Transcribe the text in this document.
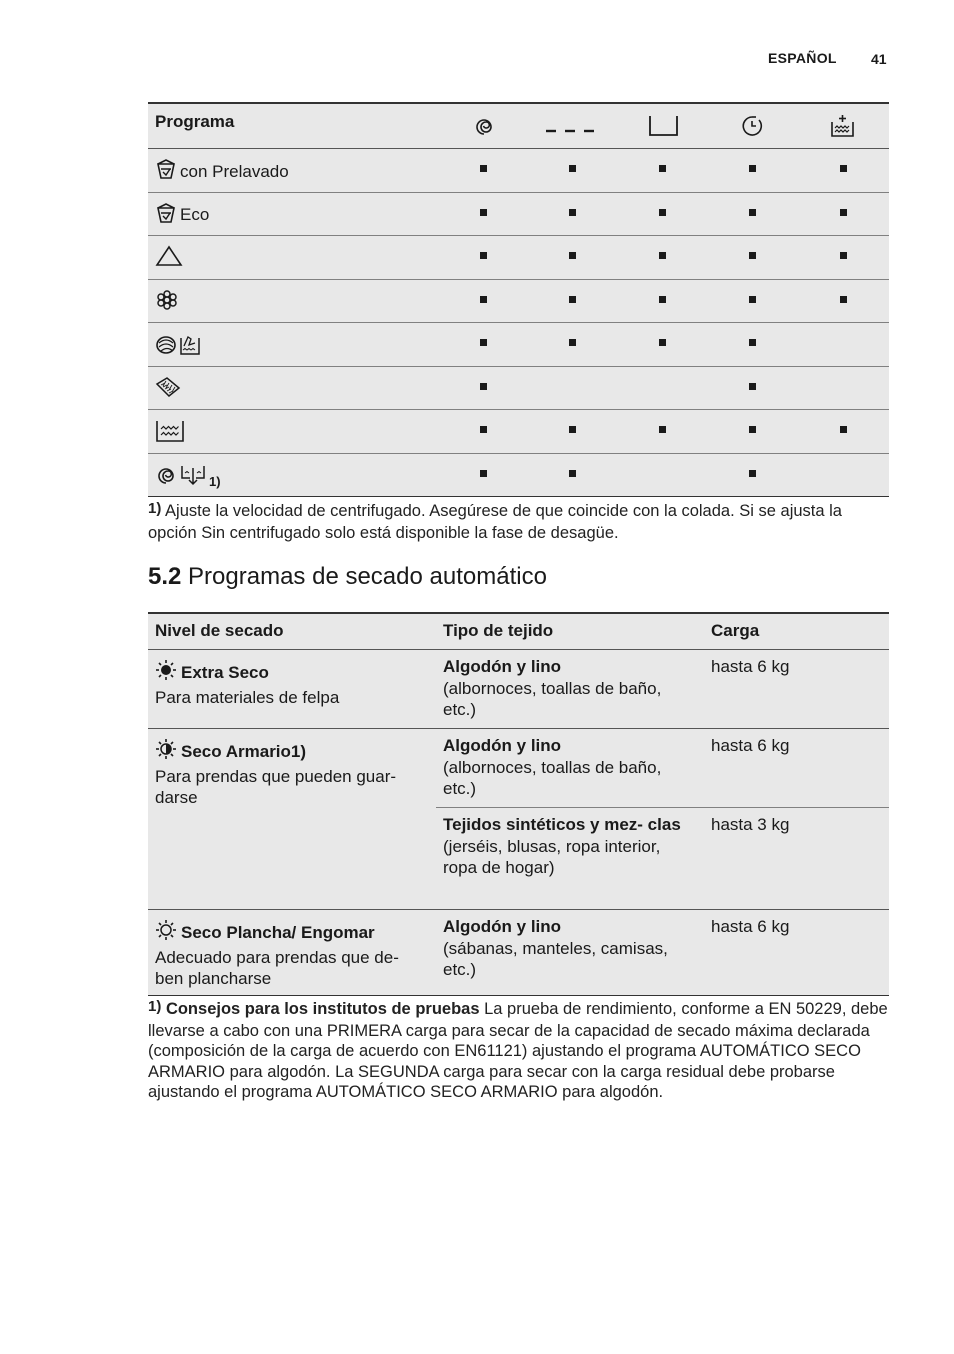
ESPAÑOL 41
Programa
con Prelavado
Eco
1)
1) Ajuste la velocidad de centrifugado. Asegúrese de que coincide con la colada. Si se ajusta la opción Sin centrifugado solo está disponible la fase de desagüe.
5.2 Programas de secado automático
Nivel de secado	Tipo de tejido	Carga
Extra Seco
Para materiales de felpa
Algodón y lino
(albornoces, toallas de baño, etc.)
hasta 6 kg
Seco Armario1)
Para prendas que pueden guar- darse
Algodón y lino
(albornoces, toallas de baño, etc.)
hasta 6 kg
Tejidos sintéticos y mez- clas
(jerséis, blusas, ropa interior, ropa de hogar)
hasta 3 kg
Seco Plancha/ Engomar
Adecuado para prendas que de- ben plancharse
Algodón y lino
(sábanas, manteles, camisas, etc.)
hasta 6 kg
1) Consejos para los institutos de pruebas La prueba de rendimiento, conforme a EN 50229, debe llevarse a cabo con una PRIMERA carga para secar de la capacidad de secado máxima declarada (composición de la carga de acuerdo con EN61121) ajustando el programa AUTOMÁTICO SECO ARMARIO para algodón. La SEGUNDA carga para secar con la carga residual debe probarse ajustando el programa AUTOMÁTICO SECO ARMARIO para algodón.
